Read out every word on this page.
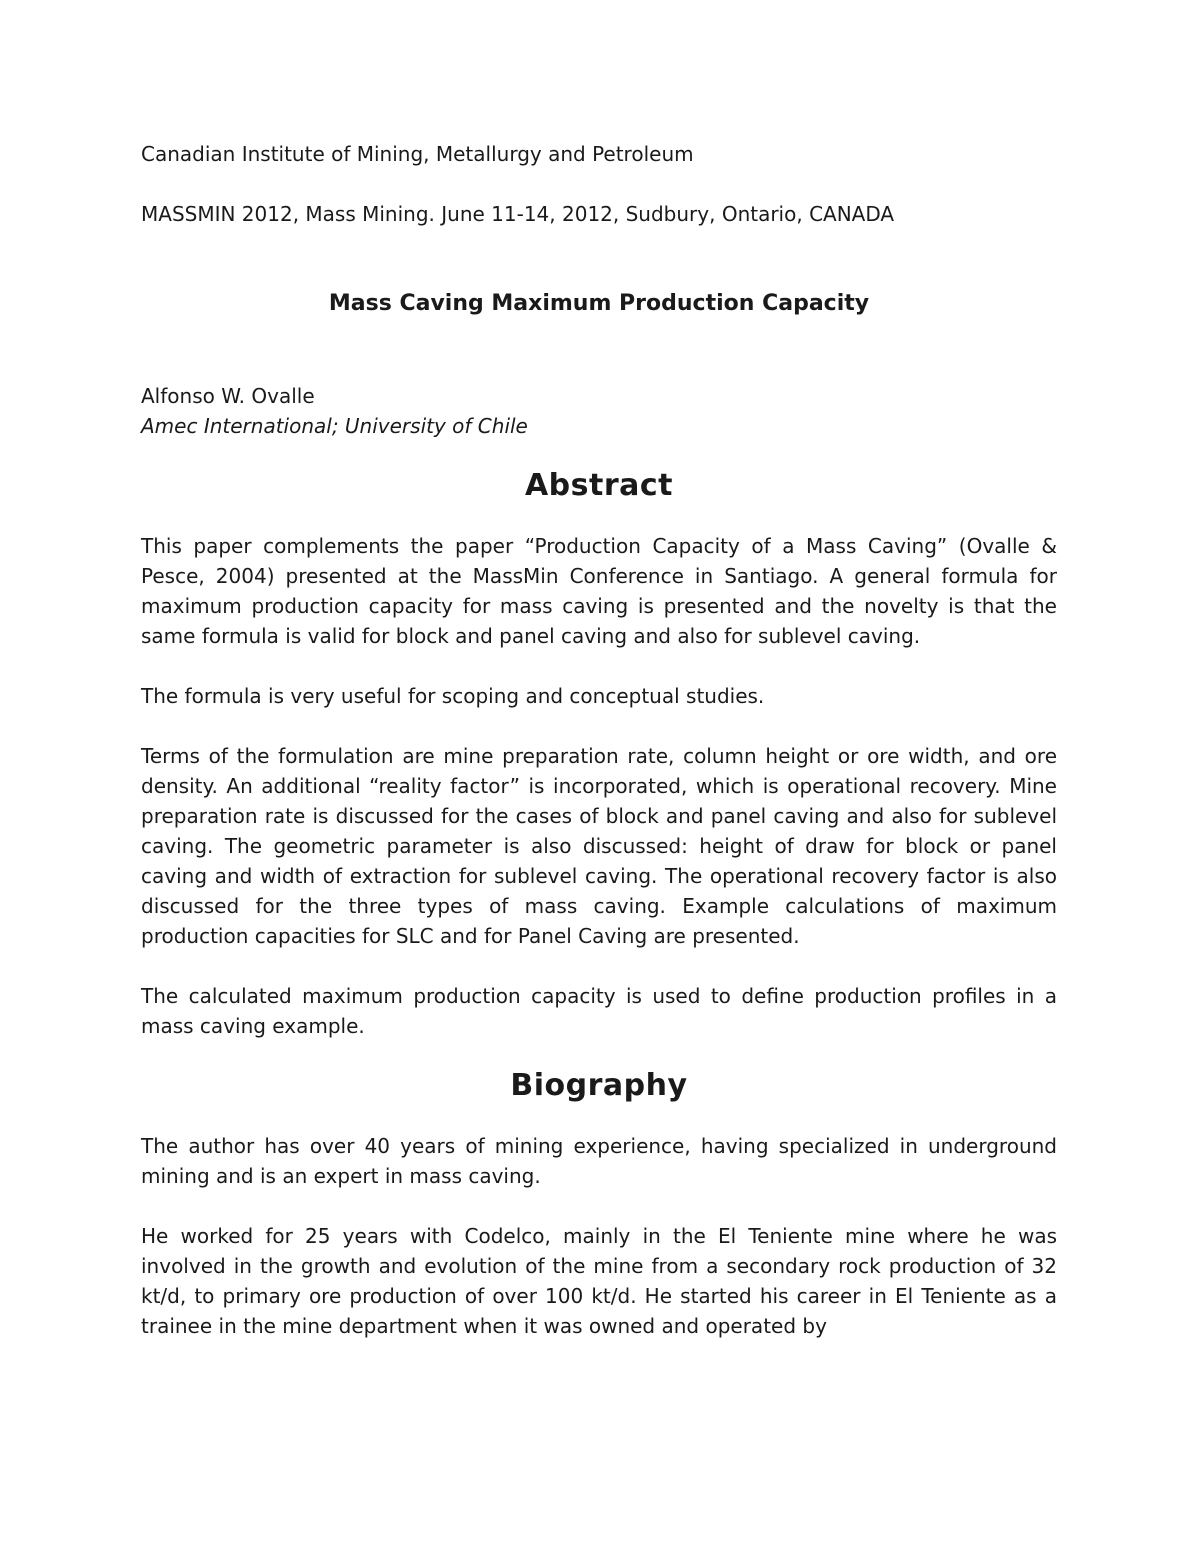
Canadian Institute of Mining, Metallurgy and Petroleum

MASSMIN 2012, Mass Mining. June 11-14, 2012, Sudbury, Ontario, CANADA

Mass Caving Maximum Production Capacity

Alfonso W. Ovalle

Amec International; University of Chile

Abstract

This paper complements the paper “Production Capacity of a Mass Caving” (Ovalle & Pesce, 2004) presented at the MassMin Conference in Santiago. A general formula for maximum production capacity for mass caving is presented and the novelty is that the same formula is valid for block and panel caving and also for sublevel caving.

The formula is very useful for scoping and conceptual studies.

Terms of the formulation are mine preparation rate, column height or ore width, and ore density. An additional “reality factor” is incorporated, which is operational recovery. Mine preparation rate is discussed for the cases of block and panel caving and also for sublevel caving. The geometric parameter is also discussed: height of draw for block or panel caving and width of extraction for sublevel caving. The operational recovery factor is also discussed for the three types of mass caving. Example calculations of maximum production capacities for SLC and for Panel Caving are presented.

The calculated maximum production capacity is used to define production profiles in a mass caving example.

Biography

The author has over 40 years of mining experience, having specialized in underground mining and is an expert in mass caving.

He worked for 25 years with Codelco, mainly in the El Teniente mine where he was involved in the growth and evolution of the mine from a secondary rock production of 32 kt/d, to primary ore production of over 100 kt/d. He started his career in El Teniente as a trainee in the mine department when it was owned and operated by
